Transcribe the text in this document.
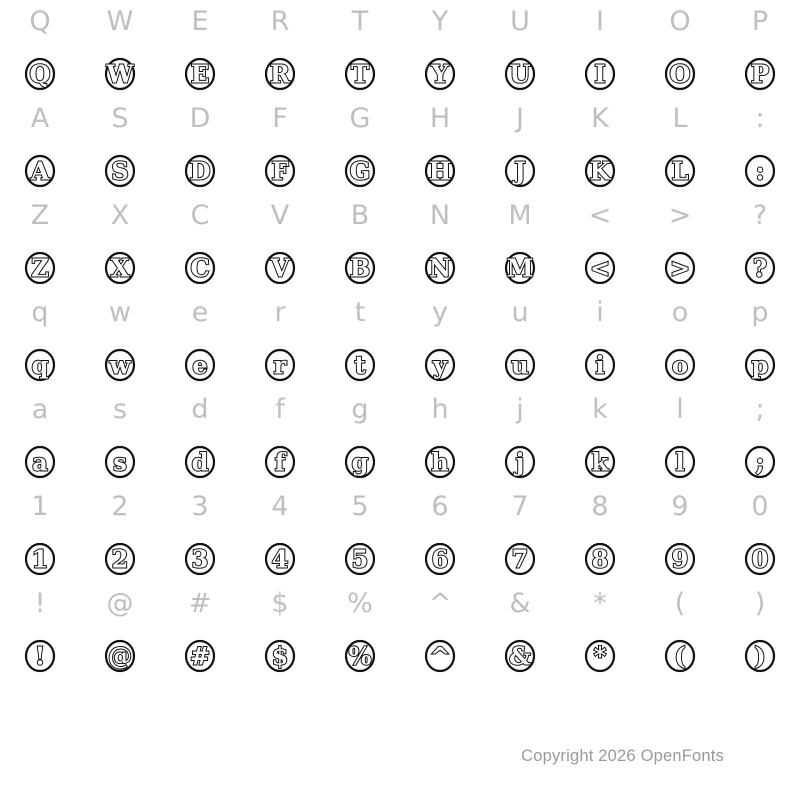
Q
Q
W
W
E
E
R
R
T
T
Y
Y
U
U
I
I
O
O
P
P
A
A
S
S
D
D
F
F
G
G
H
H
J
J
K
K
L
L
:
:
Z
Z
X
X
C
C
V
V
B
B
N
N
M
M
<
<
>
>
?
?
q
q
w
w
e
e
r
r
t
t
y
y
u
u
i
i
o
o
p
p
a
a
s
s
d
d
f
f
g
g
h
h
j
j
k
k
l
l
;
;
1
1
2
2
3
3
4
4
5
5
6
6
7
7
8
8
9
9
0
0
!
!
@
@
#
#
$
$
%
%
^
^
&
&
*
*
(
(
)
)
Copyright 2026 OpenFonts
